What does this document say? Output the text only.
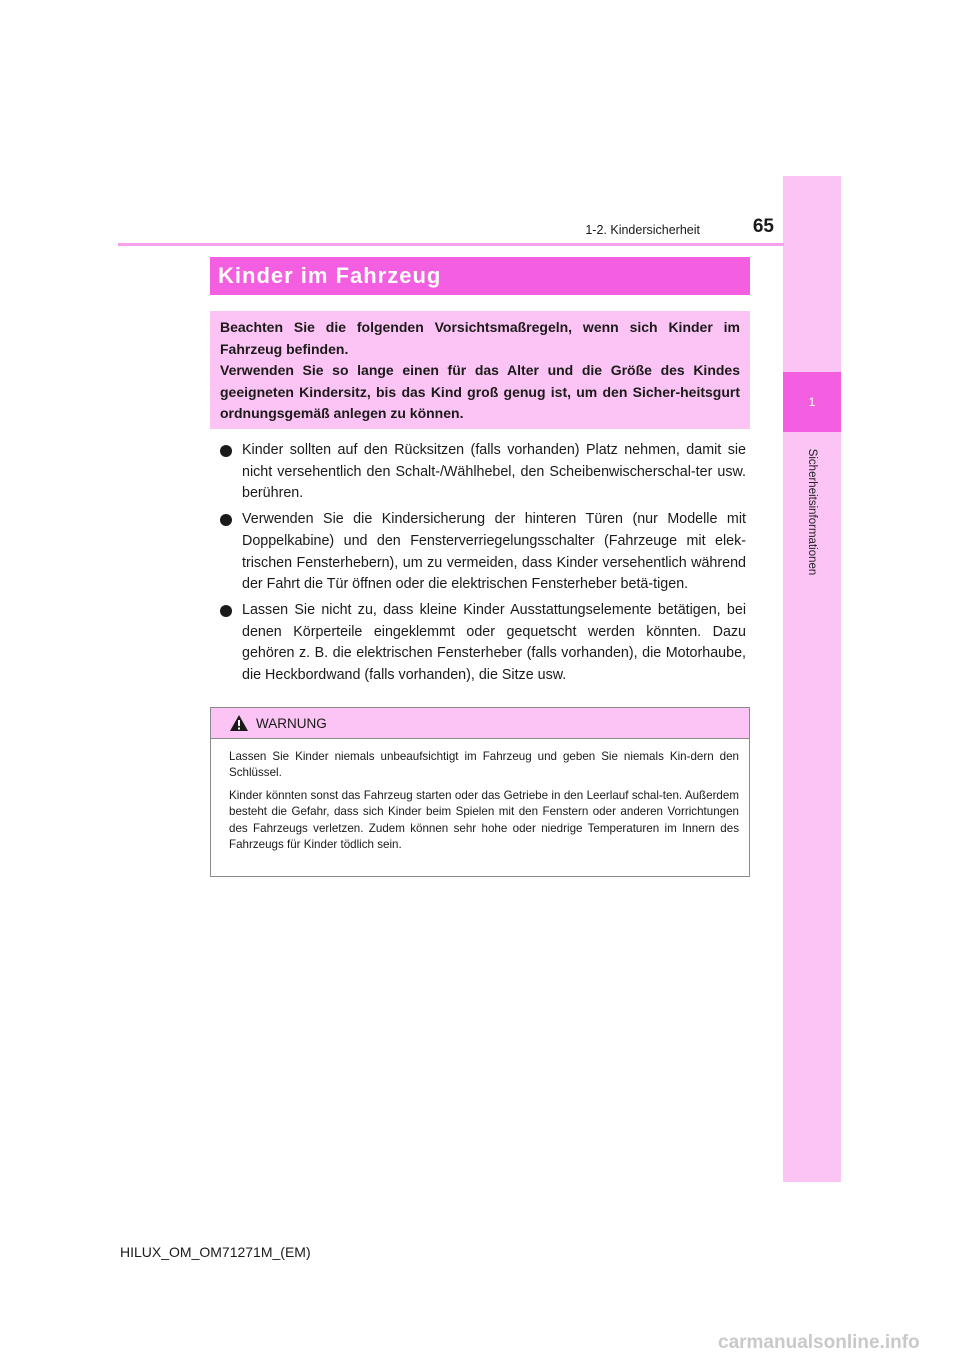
1
Sicherheitsinformationen
1-2. Kindersicherheit	65
Kinder im Fahrzeug

Beachten Sie die folgenden Vorsichtsmaßregeln, wenn sich Kinder im Fahrzeug befinden.

Verwenden Sie so lange einen für das Alter und die Größe des Kindes geeigneten Kindersitz, bis das Kind groß genug ist, um den Sicher-heitsgurt ordnungsgemäß anlegen zu können.

Kinder sollten auf den Rücksitzen (falls vorhanden) Platz nehmen, damit sie nicht versehentlich den Schalt-/Wählhebel, den Scheibenwischerschal-ter usw. berühren.
Verwenden Sie die Kindersicherung der hinteren Türen (nur Modelle mit Doppelkabine) und den Fensterverriegelungsschalter (Fahrzeuge mit elek-trischen Fensterhebern), um zu vermeiden, dass Kinder versehentlich während der Fahrt die Tür öffnen oder die elektrischen Fensterheber betä-tigen.
Lassen Sie nicht zu, dass kleine Kinder Ausstattungselemente betätigen, bei denen Körperteile eingeklemmt oder gequetscht werden könnten. Dazu gehören z. B. die elektrischen Fensterheber (falls vorhanden), die Motorhaube, die Heckbordwand (falls vorhanden), die Sitze usw.
WARNUNG

Lassen Sie Kinder niemals unbeaufsichtigt im Fahrzeug und geben Sie niemals Kin-dern den Schlüssel.

Kinder könnten sonst das Fahrzeug starten oder das Getriebe in den Leerlauf schal-ten. Außerdem besteht die Gefahr, dass sich Kinder beim Spielen mit den Fenstern oder anderen Vorrichtungen des Fahrzeugs verletzen. Zudem können sehr hohe oder niedrige Temperaturen im Innern des Fahrzeugs für Kinder tödlich sein.

HILUX_OM_OM71271M_(EM)
carmanualsonline.info
